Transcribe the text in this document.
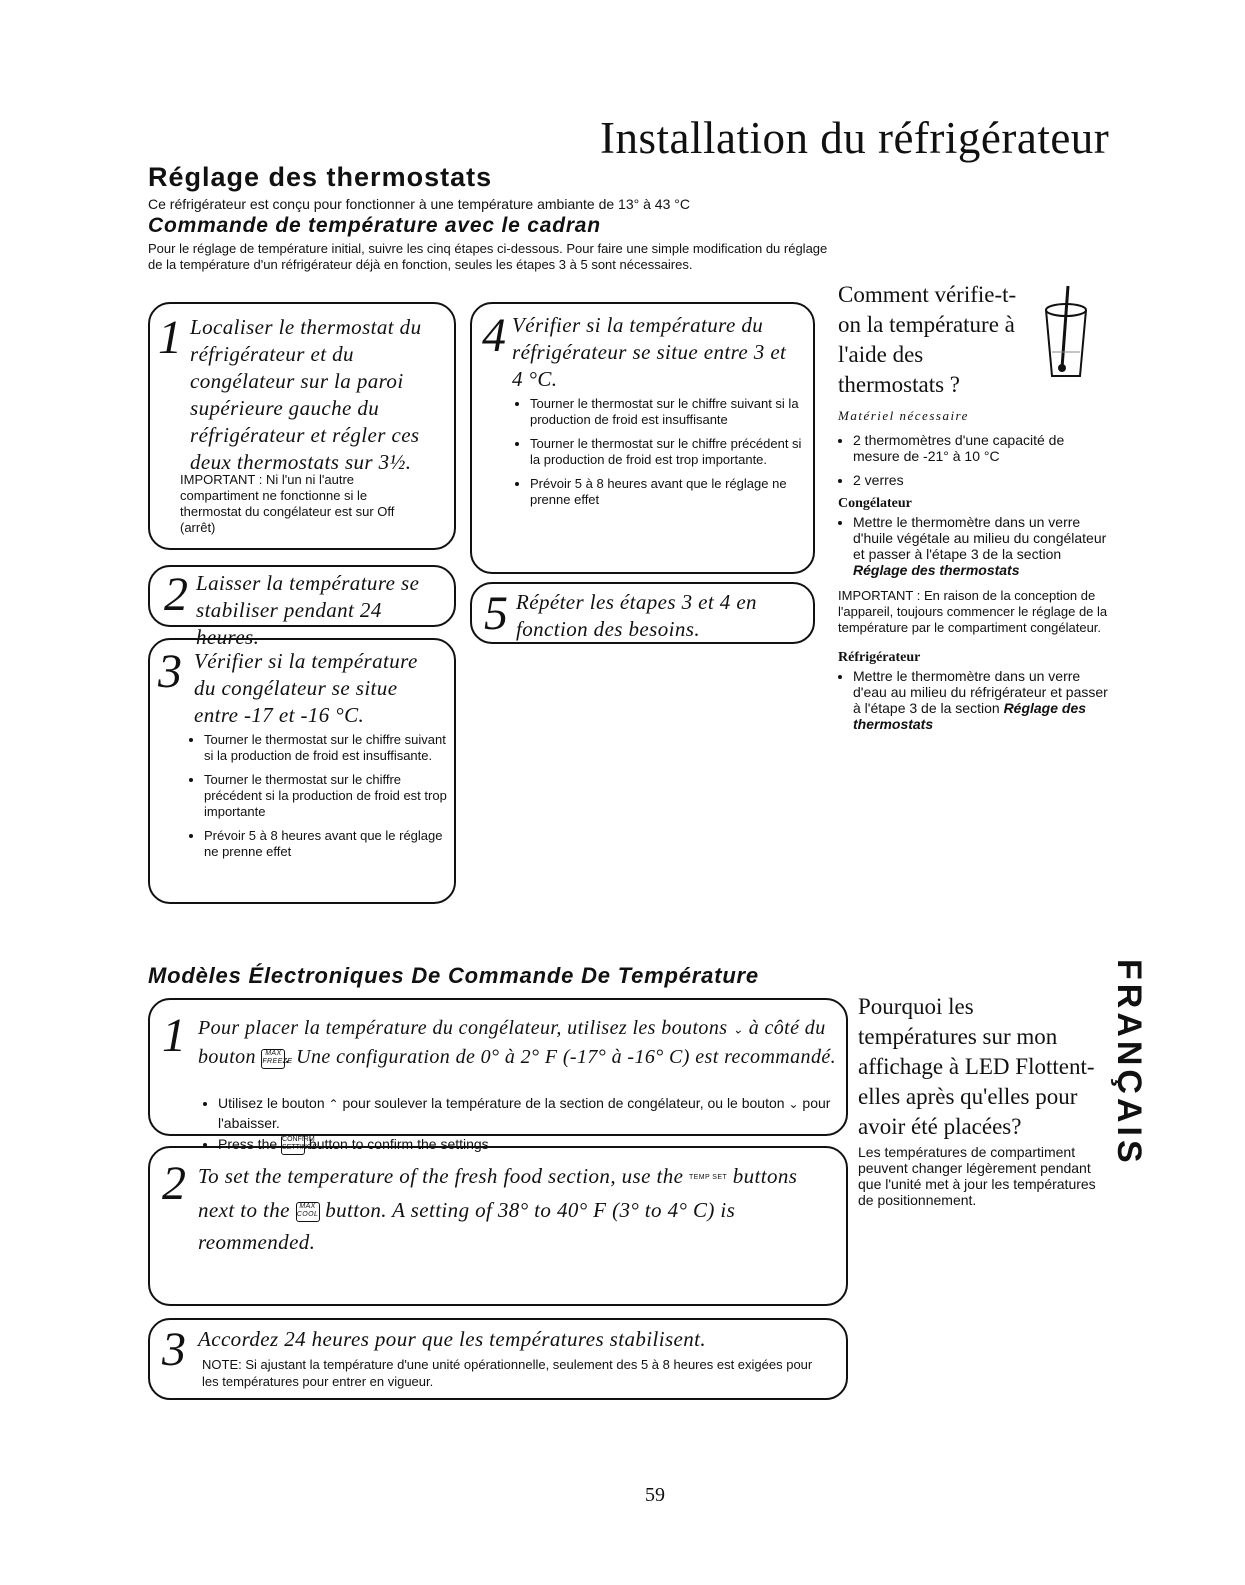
Installation du réfrigérateur
Réglage des thermostats
Ce réfrigérateur est conçu pour fonctionner à une température ambiante de 13° à 43 °C
Commande de température avec le cadran
Pour le réglage de température initial, suivre les cinq étapes ci-dessous. Pour faire une simple modification du réglage de la température d'un réfrigérateur déjà en fonction, seules les étapes 3 à 5 sont nécessaires.
1 Localiser le thermostat du réfrigérateur et du congélateur sur la paroi supérieure gauche du réfrigérateur et régler ces deux thermostats sur 3½.
IMPORTANT : Ni l'un ni l'autre compartiment ne fonctionne si le thermostat du congélateur est sur Off (arrêt)
2 Laisser la température se stabiliser pendant 24 heures.
3 Vérifier si la température du congélateur se situe entre -17 et -16 °C.
• Tourner le thermostat sur le chiffre suivant si la production de froid est insuffisante.
• Tourner le thermostat sur le chiffre précédent si la production de froid est trop importante
• Prévoir 5 à 8 heures avant que le réglage ne prenne effet
4 Vérifier si la température du réfrigérateur se situe entre 3 et 4 °C.
• Tourner le thermostat sur le chiffre suivant si la production de froid est insuffisante
• Tourner le thermostat sur le chiffre précédent si la production de froid est trop importante.
• Prévoir 5 à 8 heures avant que le réglage ne prenne effet
5 Répéter les étapes 3 et 4 en fonction des besoins.
Comment vérifie-t-on la température à l'aide des thermostats ?
Matériel nécessaire
• 2 thermomètres d'une capacité de mesure de -21° à 10 °C
• 2 verres
Congélateur
• Mettre le thermomètre dans un verre d'huile végétale au milieu du congélateur et passer à l'étape 3 de la section Réglage des thermostats
IMPORTANT : En raison de la conception de l'appareil, toujours commencer le réglage de la température par le compartiment congélateur.
Réfrigérateur
• Mettre le thermomètre dans un verre d'eau au milieu du réfrigérateur et passer à l'étape 3 de la section Réglage des thermostats
Modèles Électroniques De Commande De Température
1 Pour placer la température du congélateur, utilisez les boutons ⌄ à côté du bouton MAX FREEZE. Une configuration de 0° à 2° F (-17° à -16° C) est recommandé.
• Utilisez le bouton ⌃ pour soulever la température de la section de congélateur, ou le bouton ⌄ pour l'abaisser.
• Press the CONFIRM SETTINGS button to confirm the settings
2 To set the temperature of the fresh food section, use the TEMP SET buttons next to the MAX COOL button. A setting of 38° to 40° F (3° to 4° C) is reommended.
3 Accordez 24 heures pour que les températures stabilisent.
NOTE: Si ajustant la température d'une unité opérationnelle, seulement des 5 à 8 heures est exigées pour les températures pour entrer en vigueur.
Pourquoi les températures sur mon affichage à LED Flottent-elles après qu'elles pour avoir été placées?
Les températures de compartiment peuvent changer légèrement pendant que l'unité met à jour les températures de positionnement.
FRANÇAIS
59
